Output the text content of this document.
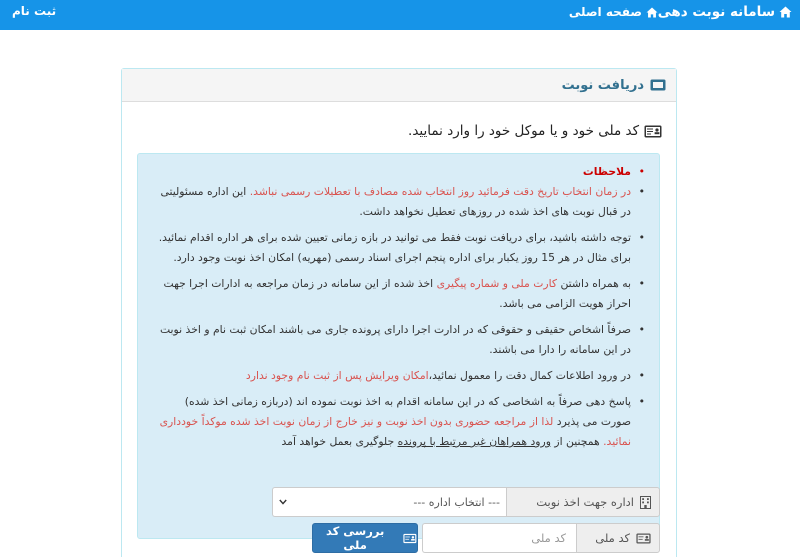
سامانه نوبت دهی
صفحه اصلی
ثبت نام
دریافت نوبت
کد ملی خود و یا موکل خود را وارد نمایید.
• ملاحظات
• در زمان انتخاب تاریخ دقت فرمائید روز انتخاب شده مصادف با تعطیلات رسمی نباشد. این اداره مسئولیتی در قبال نوبت های اخذ شده در روزهای تعطیل نخواهد داشت.
• توجه داشته باشید، برای دریافت نوبت فقط می توانید در بازه زمانی تعیین شده برای هر اداره اقدام نمائید. برای مثال در هر 15 روز یکبار برای اداره پنجم اجرای اسناد رسمی (مهریه) امکان اخذ نوبت وجود دارد.
• به همراه داشتن کارت ملی و شماره پیگیری اخذ شده از این سامانه در زمان مراجعه به ادارات اجرا جهت احراز هویت الزامی می باشد.
• صرفاً اشخاص حقیقی و حقوقی که در ادارت اجرا دارای پرونده جاری می باشند امکان ثبت نام و اخذ نوبت در این سامانه را دارا می باشند.
• در ورود اطلاعات کمال دقت را معمول نمائید،امکان ویرایش پس از ثبت نام وجود ندارد
• پاسخ دهی صرفاً به اشخاصی که در این سامانه اقدام به اخذ نوبت نموده اند (دربازه زمانی اخذ شده) صورت می پذیرد لذا از مراجعه حضوری بدون اخذ نوبت و نیز خارج از زمان نوبت اخذ شده موکداً خودداری نمائید. همچنین از ورود همراهان غیر مرتبط با پرونده جلوگیری بعمل خواهد آمد
اداره جهت اخذ نوبت
--- انتخاب اداره ---
کد ملی
کد ملی
بررسی کد ملی
